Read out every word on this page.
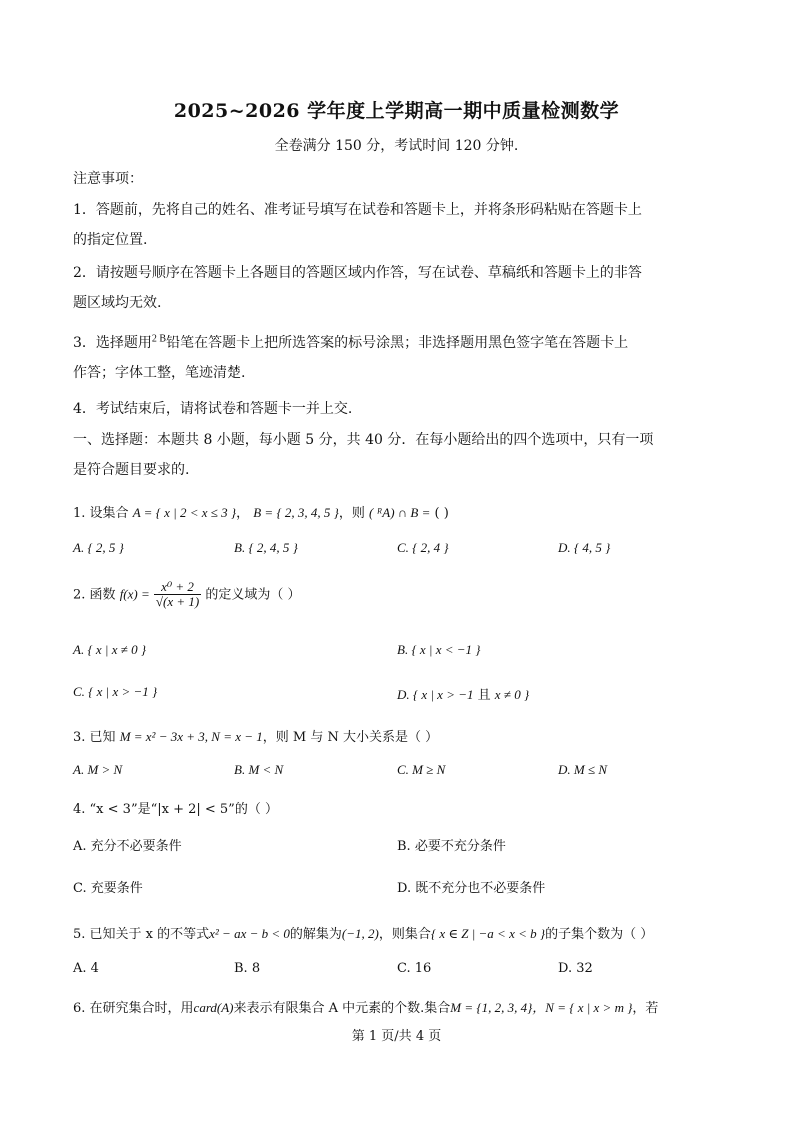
2025~2026 学年度上学期高一期中质量检测数学
全卷满分 150 分，考试时间 120 分钟.
注意事项：
1．答题前，先将自己的姓名、准考证号填写在试卷和答题卡上，并将条形码粘贴在答题卡上
的指定位置.
2．请按题号顺序在答题卡上各题目的答题区域内作答，写在试卷、草稿纸和答题卡上的非答
题区域均无效.
3．选择题用$^{2 B}$铅笔在答题卡上把所选答案的标号涂黑；非选择题用黑色签字笔在答题卡上
作答；字体工整，笔迹清楚.
4．考试结束后，请将试卷和答题卡一并上交.
一、选择题：本题共 8 小题，每小题 5 分，共 40 分．在每小题给出的四个选项中，只有一项
是符合题目要求的.
1. 设集合 A = { x | 2 < x ≤ 3 }， B = { 2, 3, 4, 5 }，则 ( ᴿA) ∩ B = ( )
A. { 2, 5 }	B. { 2, 4, 5 }	C. { 2, 4 }	D. { 4, 5 }
2. 函数 $f(x) = \frac{\text{x⁰ + 2}}{√(x + 1)}$ 的定义域为（ ）
A. { x | x ≠ 0 }	B. { x | x < −1 }
C. { x | x > −1 }	D. { x | x > −1 且 x ≠ 0 }
3. 已知 M = x² − 3x + 3, N = x − 1，则 M 与 N 大小关系是（ ）
A. M > N	B. M < N	C. M ≥ N	D. M ≤ N
4. “x < 3”是“|x + 2| < 5”的（ ）
A. 充分不必要条件	B. 必要不充分条件
C. 充要条件	D. 既不充分也不必要条件
5. 已知关于 x 的不等式x² − ax − b < 0的解集为(−1, 2)，则集合{ x ∈ Z | −a < x < b }的子集个数为（ ）
A. 4	B. 8	C. 16	D. 32
6. 在研究集合时，用card(A)来表示有限集合 A 中元素的个数.集合M = {1, 2, 3, 4}，N = { x | x > m }，若
第 1 页/共 4 页
